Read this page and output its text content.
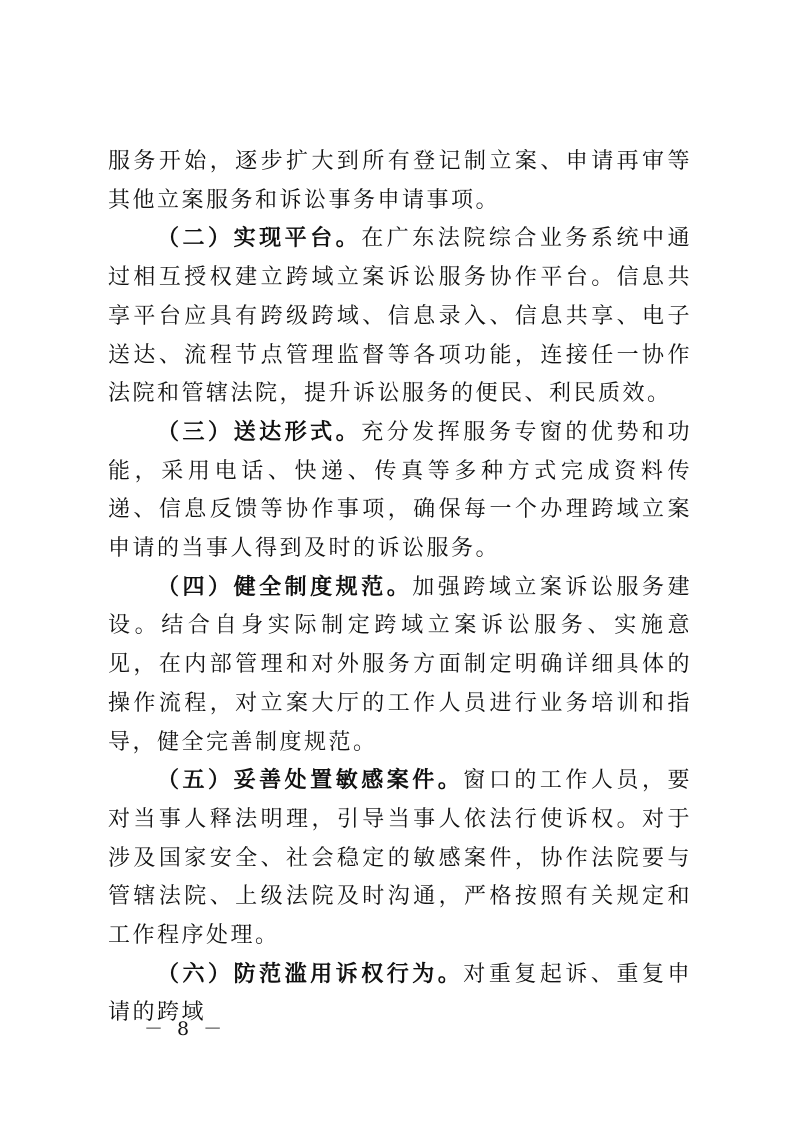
服务开始，逐步扩大到所有登记制立案、申请再审等其他立案服务和诉讼事务申请事项。

（二）实现平台。在广东法院综合业务系统中通过相互授权建立跨域立案诉讼服务协作平台。信息共享平台应具有跨级跨域、信息录入、信息共享、电子送达、流程节点管理监督等各项功能，连接任一协作法院和管辖法院，提升诉讼服务的便民、利民质效。

（三）送达形式。充分发挥服务专窗的优势和功能，采用电话、快递、传真等多种方式完成资料传递、信息反馈等协作事项，确保每一个办理跨域立案申请的当事人得到及时的诉讼服务。

（四）健全制度规范。加强跨域立案诉讼服务建设。结合自身实际制定跨域立案诉讼服务、实施意见，在内部管理和对外服务方面制定明确详细具体的操作流程，对立案大厅的工作人员进行业务培训和指导，健全完善制度规范。

（五）妥善处置敏感案件。窗口的工作人员，要对当事人释法明理，引导当事人依法行使诉权。对于涉及国家安全、社会稳定的敏感案件，协作法院要与管辖法院、上级法院及时沟通，严格按照有关规定和工作程序处理。

（六）防范滥用诉权行为。对重复起诉、重复申请的跨域

－ 8 －
